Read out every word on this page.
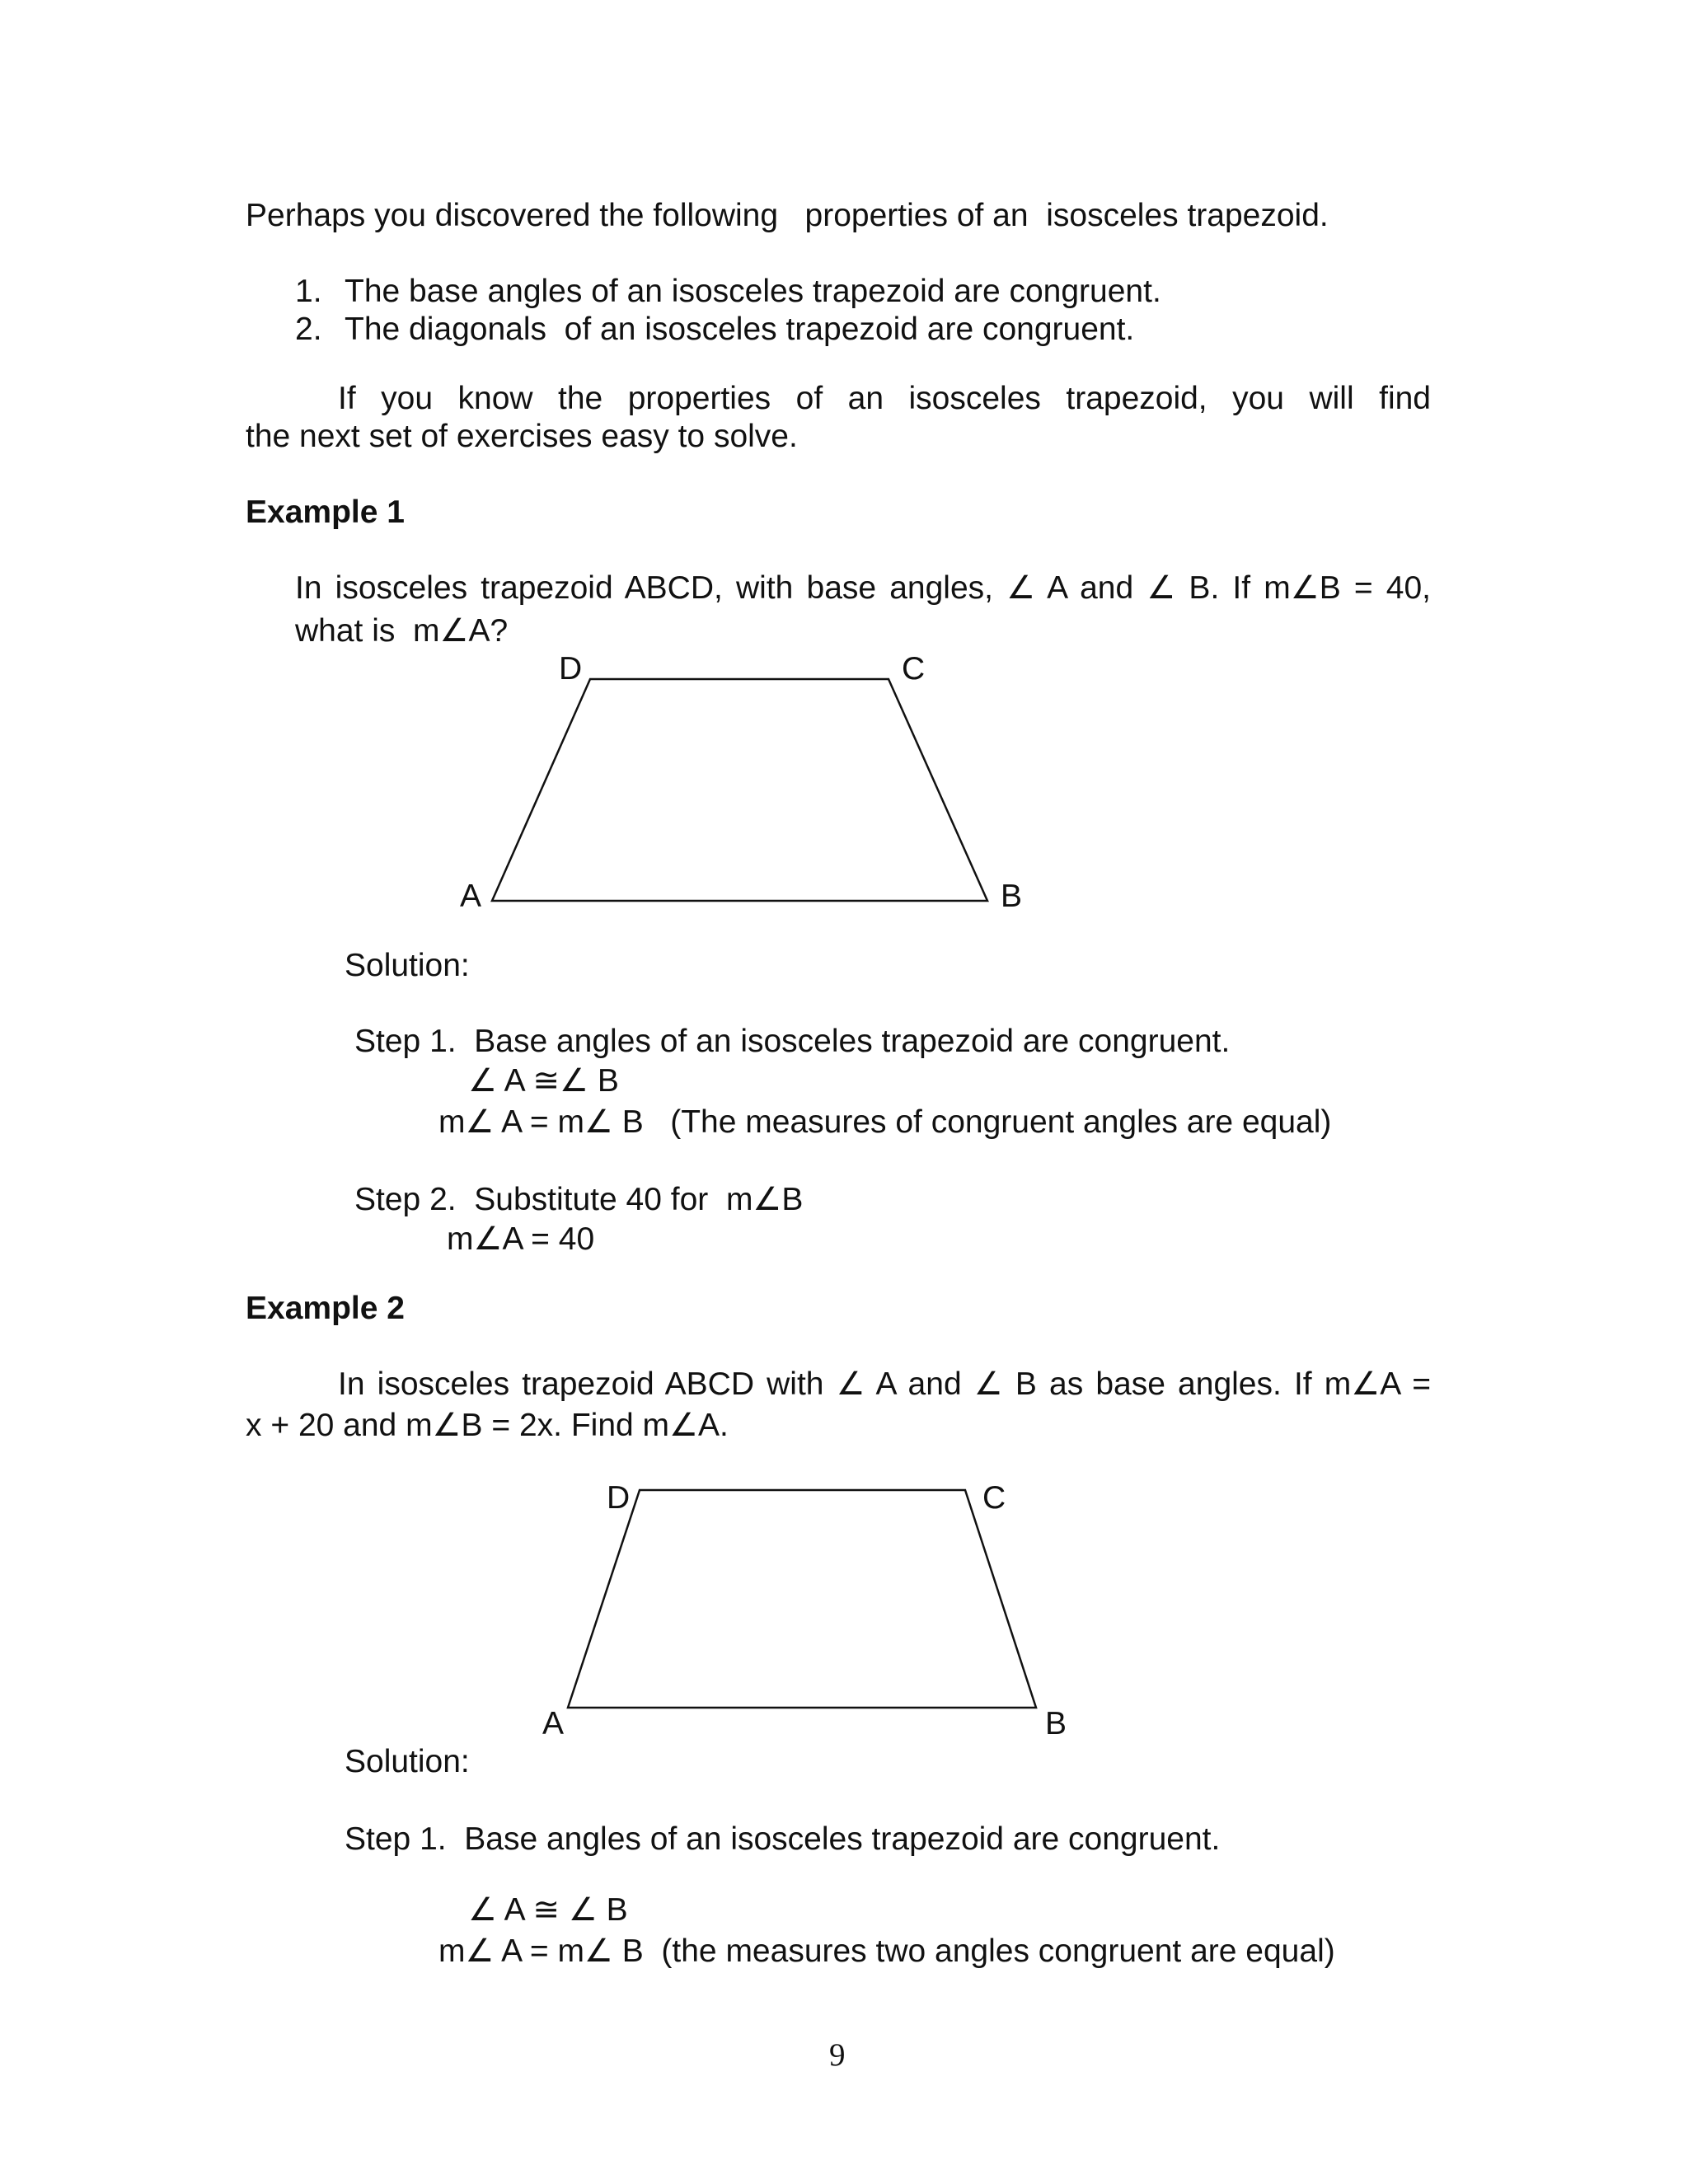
Perhaps you discovered the following   properties of an  isosceles trapezoid.
1. The base angles of an isosceles trapezoid are congruent.
2. The diagonals  of an isosceles trapezoid are congruent.
If you know the properties of an isosceles trapezoid, you will find
the next set of exercises easy to solve.
Example 1
In isosceles trapezoid ABCD, with base angles, ∠ A and ∠ B. If m∠B = 40,
what is  m∠A?
D	C
A	B
Solution:
Step 1.  Base angles of an isosceles trapezoid are congruent.
∠ A ≅∠ B
m∠ A = m∠ B   (The measures of congruent angles are equal)
Step 2.  Substitute 40 for  m∠B
m∠A = 40
Example 2
In isosceles trapezoid ABCD with ∠ A and ∠ B as base angles. If m∠A =
x + 20 and m∠B = 2x. Find m∠A.
D	C
A	B
Solution:
Step 1.  Base angles of an isosceles trapezoid are congruent.
∠ A ≅ ∠ B
m∠ A = m∠ B  (the measures two angles congruent are equal)
9
